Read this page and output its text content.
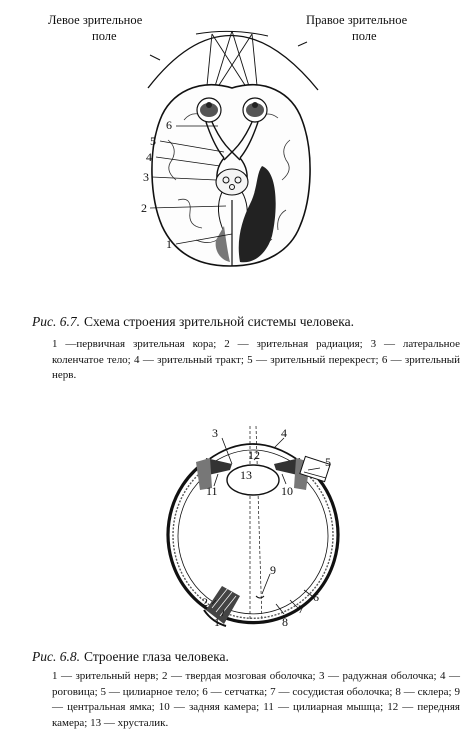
Левое зрительное
поле
Правое зрительное
поле
6
5
4
3
2
1
Рис. 6.7. Схема строения зрительной системы человека.
1 —первичная зрительная кора; 2 — зрительная радиация; 3 — латеральное коленчатое тело; 4 — зрительный тракт; 5 — зрительный перекрест; 6 — зрительный нерв.
3	4
12
13
5
11	10
9
6
7
2
1	8
Рис. 6.8. Строение глаза человека.
1 — зрительный нерв; 2 — твердая мозговая оболочка; 3 — радужная оболочка; 4 — роговица; 5 — цилиарное тело; 6 — сетчатка; 7 — сосудистая оболочка; 8 — склера; 9 — центральная ямка; 10 — задняя камера; 11 — цилиарная мышца; 12 — передняя камера; 13 — хрусталик.
